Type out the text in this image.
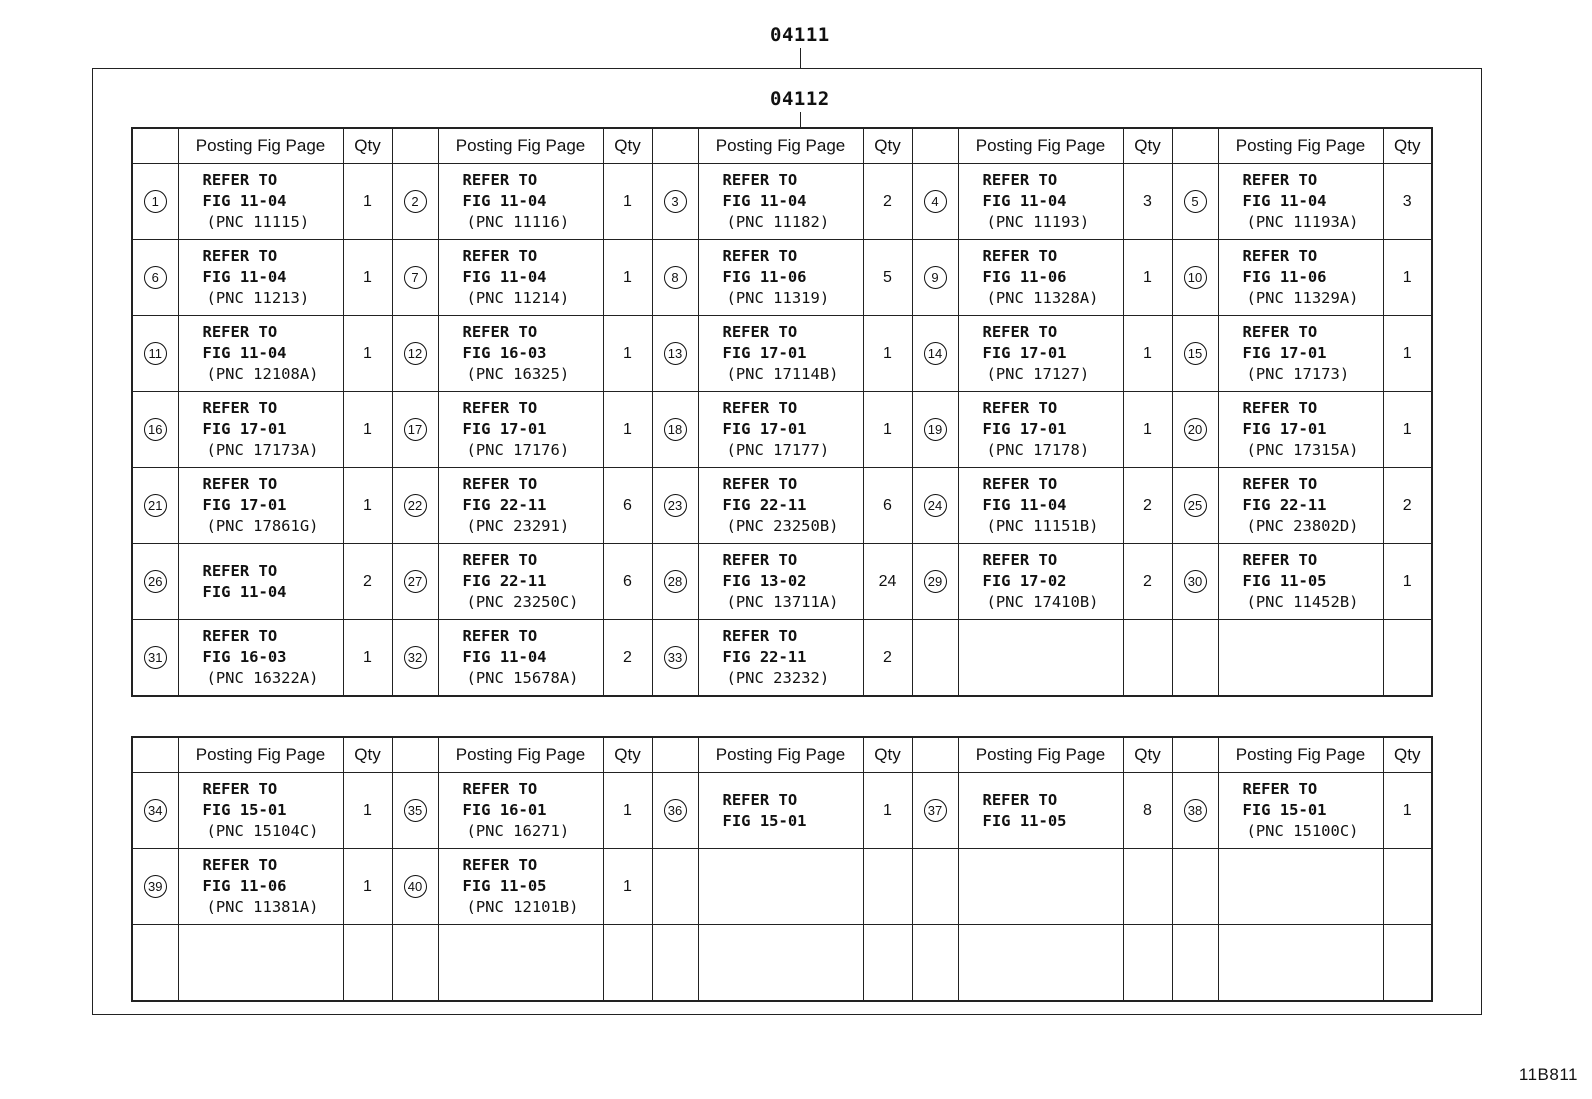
04111
04112
	Posting Fig Page	Qty		Posting Fig Page	Qty		Posting Fig Page	Qty		Posting Fig Page	Qty		Posting Fig Page	Qty
1	REFER TO
FIG 11-04
(PNC 11115)	1	2	REFER TO
FIG 11-04
(PNC 11116)	1	3	REFER TO
FIG 11-04
(PNC 11182)	2	4	REFER TO
FIG 11-04
(PNC 11193)	3	5	REFER TO
FIG 11-04
(PNC 11193A)	3
6	REFER TO
FIG 11-04
(PNC 11213)	1	7	REFER TO
FIG 11-04
(PNC 11214)	1	8	REFER TO
FIG 11-06
(PNC 11319)	5	9	REFER TO
FIG 11-06
(PNC 11328A)	1	10	REFER TO
FIG 11-06
(PNC 11329A)	1
11	REFER TO
FIG 11-04
(PNC 12108A)	1	12	REFER TO
FIG 16-03
(PNC 16325)	1	13	REFER TO
FIG 17-01
(PNC 17114B)	1	14	REFER TO
FIG 17-01
(PNC 17127)	1	15	REFER TO
FIG 17-01
(PNC 17173)	1
16	REFER TO
FIG 17-01
(PNC 17173A)	1	17	REFER TO
FIG 17-01
(PNC 17176)	1	18	REFER TO
FIG 17-01
(PNC 17177)	1	19	REFER TO
FIG 17-01
(PNC 17178)	1	20	REFER TO
FIG 17-01
(PNC 17315A)	1
21	REFER TO
FIG 17-01
(PNC 17861G)	1	22	REFER TO
FIG 22-11
(PNC 23291)	6	23	REFER TO
FIG 22-11
(PNC 23250B)	6	24	REFER TO
FIG 11-04
(PNC 11151B)	2	25	REFER TO
FIG 22-11
(PNC 23802D)	2
26	REFER TO
FIG 11-04	2	27	REFER TO
FIG 22-11
(PNC 23250C)	6	28	REFER TO
FIG 13-02
(PNC 13711A)	24	29	REFER TO
FIG 17-02
(PNC 17410B)	2	30	REFER TO
FIG 11-05
(PNC 11452B)	1
31	REFER TO
FIG 16-03
(PNC 16322A)	1	32	REFER TO
FIG 11-04
(PNC 15678A)	2	33	REFER TO
FIG 22-11
(PNC 23232)	2						
	Posting Fig Page	Qty		Posting Fig Page	Qty		Posting Fig Page	Qty		Posting Fig Page	Qty		Posting Fig Page	Qty
34	REFER TO
FIG 15-01
(PNC 15104C)	1	35	REFER TO
FIG 16-01
(PNC 16271)	1	36	REFER TO
FIG 15-01	1	37	REFER TO
FIG 11-05	8	38	REFER TO
FIG 15-01
(PNC 15100C)	1
39	REFER TO
FIG 11-06
(PNC 11381A)	1	40	REFER TO
FIG 11-05
(PNC 12101B)	1									

11B811
